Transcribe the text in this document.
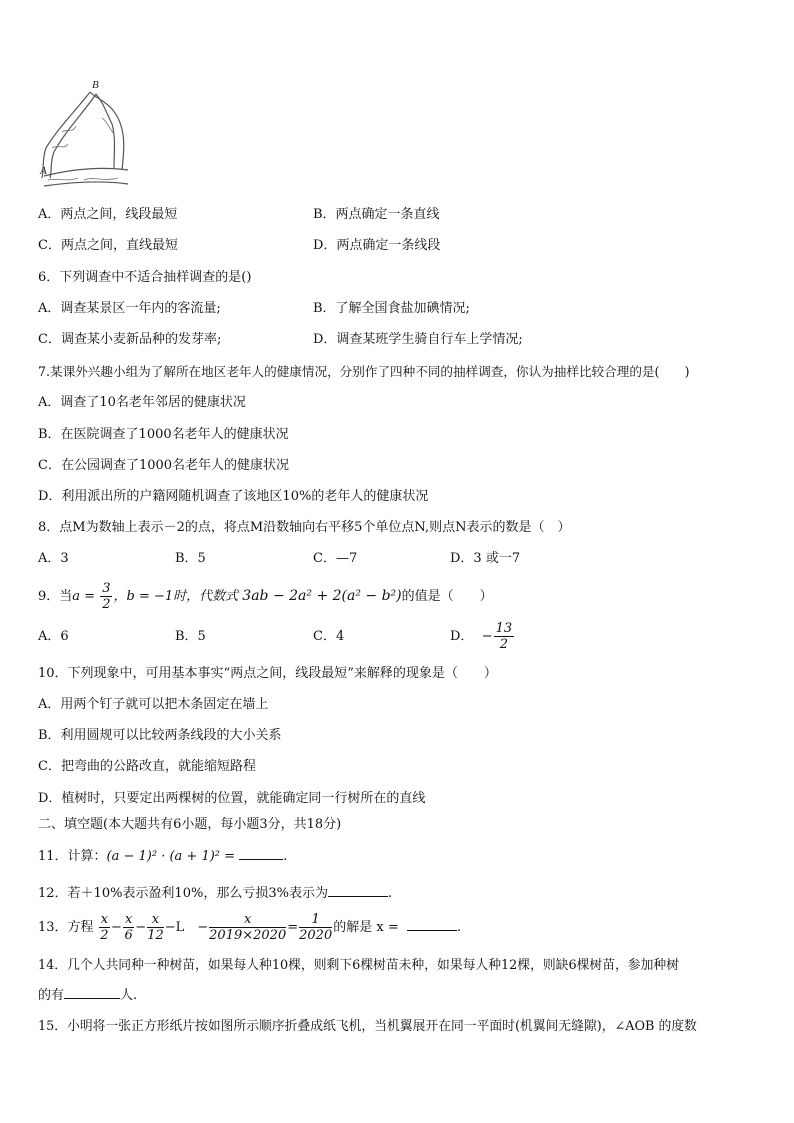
B
A
A．两点之间，线段最短	B．两点确定一条直线
C．两点之间，直线最短	D．两点确定一条线段
6．下列调查中不适合抽样调查的是()
A．调查某景区一年内的客流量;	B．了解全国食盐加碘情况;
C．调查某小麦新品种的发芽率;	D．调查某班学生骑自行车上学情况;
7.某课外兴趣小组为了解所在地区老年人的健康情况，分别作了四种不同的抽样调查，你认为抽样比较合理的是(　　)
A．调查了10名老年邻居的健康状况
B．在医院调查了1000名老年人的健康状况
C．在公园调查了1000名老年人的健康状况
D．利用派出所的户籍网随机调查了该地区10%的老年人的健康状况
8．点M为数轴上表示－2的点，将点M沿数轴向右平移5个单位点N,则点N表示的数是（　）
A．3	B．5	C．—7	D．3 或一7
9．当$a = \frac{3}{2}$ ，b = −1时，代数式 3ab − 2a² + 2(a² − b²)的值是（　　）
A．6	B．5	C．4	D． − $\frac{13}{2}$
10．下列现象中，可用基本事实“两点之间，线段最短”来解释的现象是（　　）
A．用两个钉子就可以把木条固定在墙上
B．利用圆规可以比较两条线段的大小关系
C．把弯曲的公路改直，就能缩短路程
D．植树时，只要定出两棵树的位置，就能确定同一行树所在的直线
二、填空题(本大题共有6小题，每小题3分，共18分)
11．计算：(a − 1)² · (a + 1)² =	.
12．若＋10%表示盈利10%，那么亏损3%表示为	.
13．方程 $\frac{x}{2} - \frac{x}{6} - \frac{x}{12} -L$　− $\frac{x}{2019\times 2020} = \frac{1}{2020}$ 的解是 x =	.
14．几个人共同种一种树苗，如果每人种10棵，则剩下6棵树苗未种，如果每人种12棵，则缺6棵树苗，参加种树
的有	人.
15．小明将一张正方形纸片按如图所示顺序折叠成纸飞机，当机翼展开在同一平面时(机翼间无缝隙)，∠AOB 的度数
